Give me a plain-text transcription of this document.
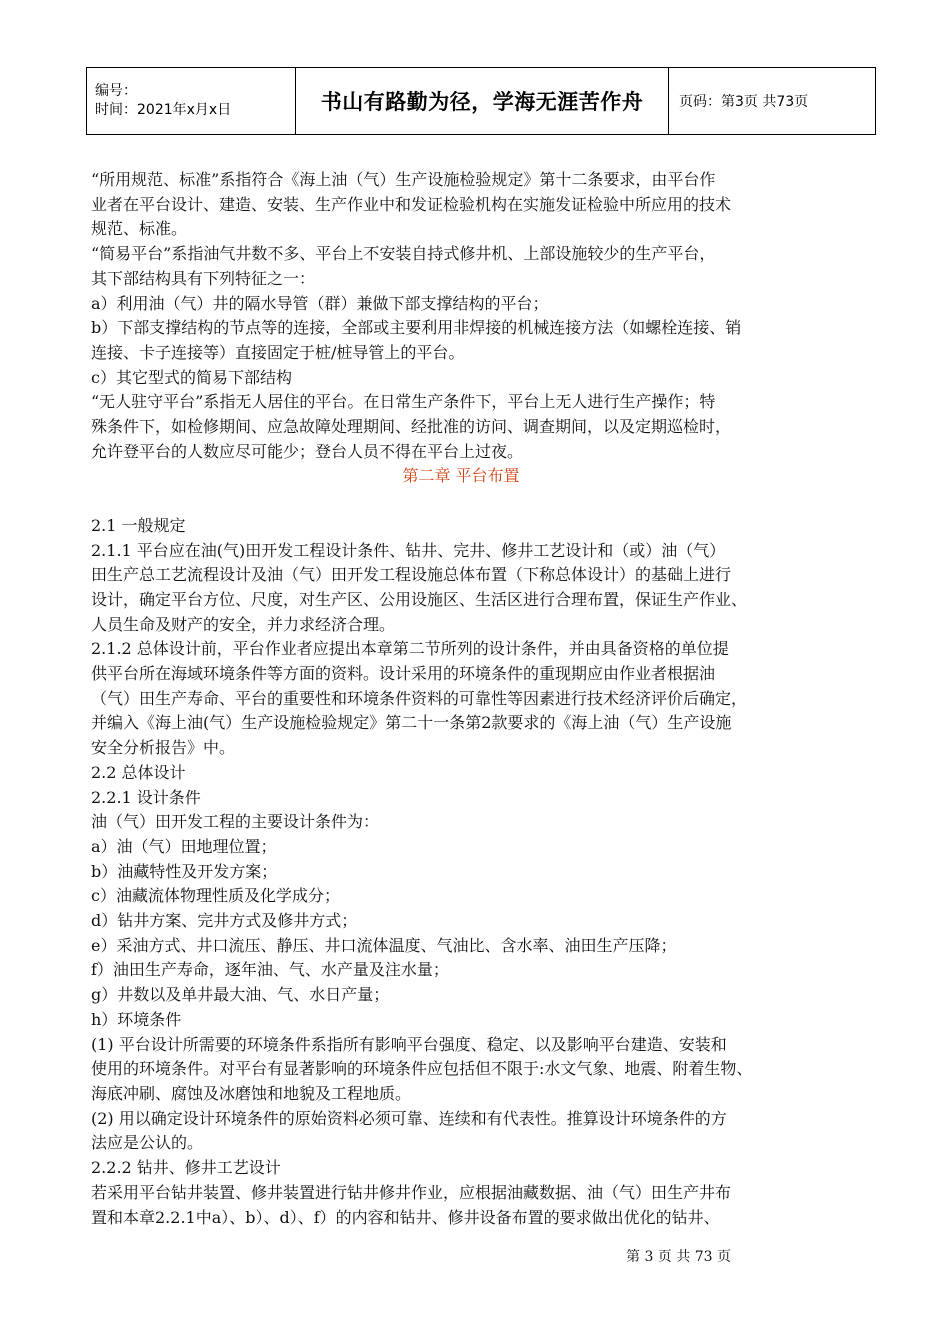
编号：
时间：2021年x月x日	书山有路勤为径，学海无涯苦作舟	页码：第3页 共73页

“所用规范、标准”系指符合《海上油（气）生产设施检验规定》第十二条要求，由平台作

业者在平台设计、建造、安装、生产作业中和发证检验机构在实施发证检验中所应用的技术

规范、标准。

“简易平台”系指油气井数不多、平台上不安装自持式修井机、上部设施较少的生产平台，

其下部结构具有下列特征之一：

a）利用油（气）井的隔水导管（群）兼做下部支撑结构的平台；

b）下部支撑结构的节点等的连接，全部或主要利用非焊接的机械连接方法（如螺栓连接、销

连接、卡子连接等）直接固定于桩/桩导管上的平台。

c）其它型式的简易下部结构

“无人驻守平台”系指无人居住的平台。在日常生产条件下，平台上无人进行生产操作；特

殊条件下，如检修期间、应急故障处理期间、经批准的访问、调查期间，以及定期巡检时，

允许登平台的人数应尽可能少；登台人员不得在平台上过夜。

第二章 平台布置

2.1 一般规定

2.1.1 平台应在油(气)田开发工程设计条件、钻井、完井、修井工艺设计和（或）油（气）

田生产总工艺流程设计及油（气）田开发工程设施总体布置（下称总体设计）的基础上进行

设计，确定平台方位、尺度，对生产区、公用设施区、生活区进行合理布置，保证生产作业、

人员生命及财产的安全，并力求经济合理。

2.1.2 总体设计前，平台作业者应提出本章第二节所列的设计条件，并由具备资格的单位提

供平台所在海域环境条件等方面的资料。设计采用的环境条件的重现期应由作业者根据油

（气）田生产寿命、平台的重要性和环境条件资料的可靠性等因素进行技术经济评价后确定，

并编入《海上油(气）生产设施检验规定》第二十一条第2款要求的《海上油（气）生产设施

安全分析报告》中。

2.2 总体设计

2.2.1 设计条件

油（气）田开发工程的主要设计条件为：

a）油（气）田地理位置；

b）油藏特性及开发方案；

c）油藏流体物理性质及化学成分；

d）钻井方案、完井方式及修井方式；

e）采油方式、井口流压、静压、井口流体温度、气油比、含水率、油田生产压降；

f）油田生产寿命，逐年油、气、水产量及注水量；

g）井数以及单井最大油、气、水日产量；

h）环境条件

(1) 平台设计所需要的环境条件系指所有影响平台强度、稳定、以及影响平台建造、安装和

使用的环境条件。对平台有显著影响的环境条件应包括但不限于:水文气象、地震、附着生物、

海底冲刷、腐蚀及冰磨蚀和地貌及工程地质。

(2) 用以确定设计环境条件的原始资料必须可靠、连续和有代表性。推算设计环境条件的方

法应是公认的。

2.2.2 钻井、修井工艺设计

若采用平台钻井装置、修井装置进行钻井修井作业，应根据油藏数据、油（气）田生产井布

置和本章2.2.1中a）、b）、d）、f）的内容和钻井、修井设备布置的要求做出优化的钻井、

第 3 页 共 73 页
